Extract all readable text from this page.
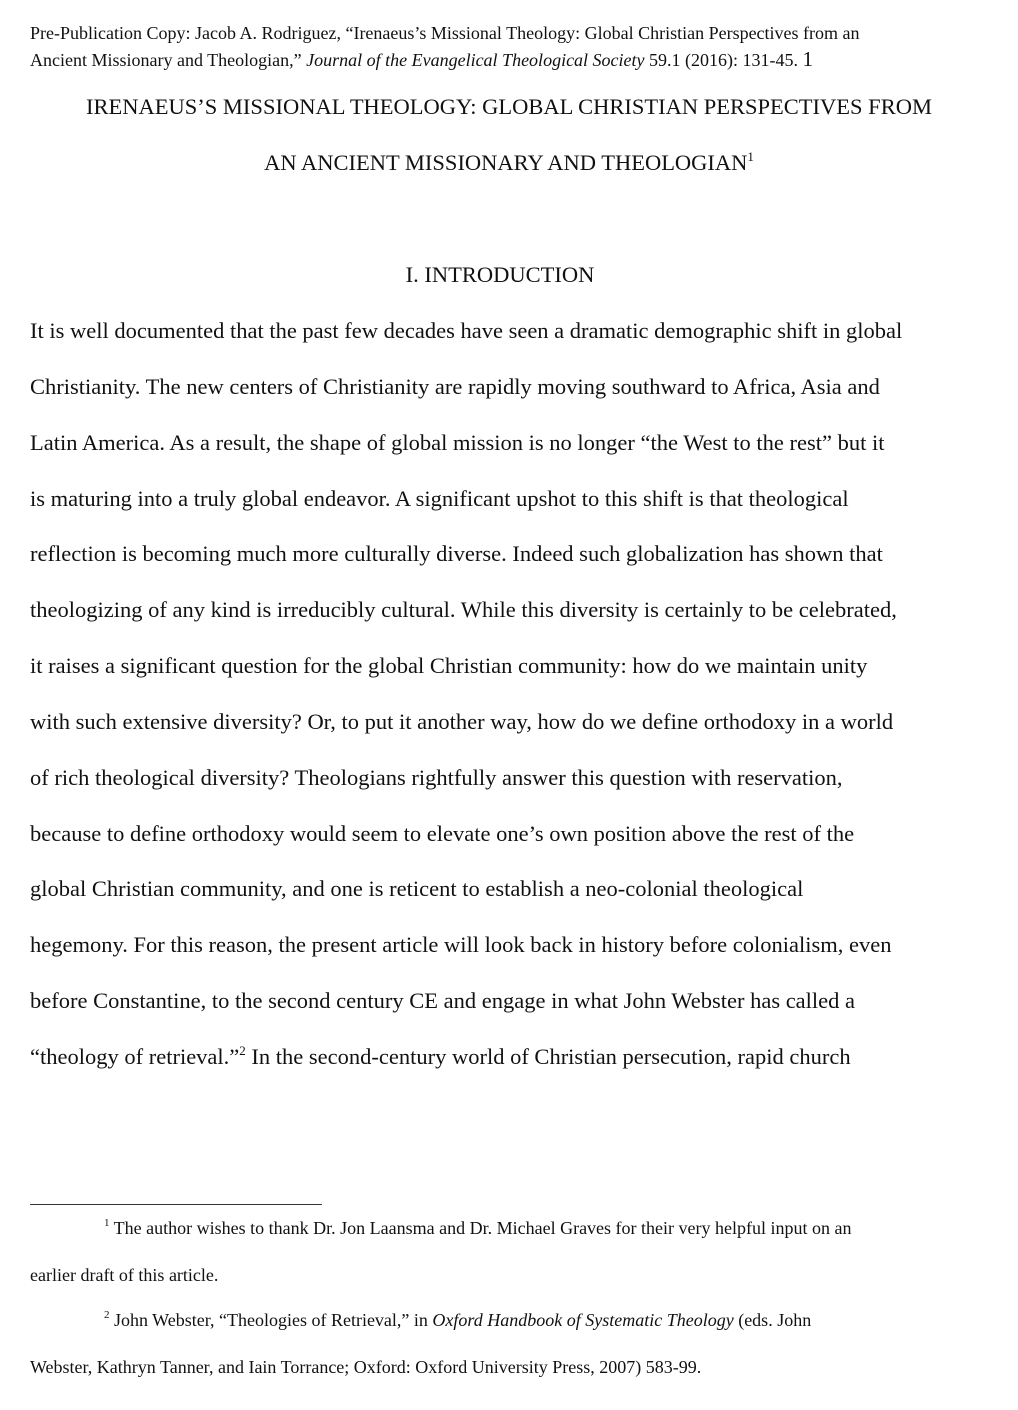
Pre-Publication Copy: Jacob A. Rodriguez, “Irenaeus’s Missional Theology: Global Christian Perspectives from an
Ancient Missionary and Theologian,” Journal of the Evangelical Theological Society 59.1 (2016): 131-45. 1
IRENAEUS’S MISSIONAL THEOLOGY: GLOBAL CHRISTIAN PERSPECTIVES FROM
AN ANCIENT MISSIONARY AND THEOLOGIAN$^1$
I. INTRODUCTION
It is well documented that the past few decades have seen a dramatic demographic shift in global
Christianity. The new centers of Christianity are rapidly moving southward to Africa, Asia and
Latin America. As a result, the shape of global mission is no longer “the West to the rest” but it
is maturing into a truly global endeavor. A significant upshot to this shift is that theological
reflection is becoming much more culturally diverse. Indeed such globalization has shown that
theologizing of any kind is irreducibly cultural. While this diversity is certainly to be celebrated,
it raises a significant question for the global Christian community: how do we maintain unity
with such extensive diversity? Or, to put it another way, how do we define orthodoxy in a world
of rich theological diversity? Theologians rightfully answer this question with reservation,
because to define orthodoxy would seem to elevate one’s own position above the rest of the
global Christian community, and one is reticent to establish a neo-colonial theological
hegemony. For this reason, the present article will look back in history before colonialism, even
before Constantine, to the second century CE and engage in what John Webster has called a
“theology of retrieval.”$^2$ In the second-century world of Christian persecution, rapid church
$^1$ The author wishes to thank Dr. Jon Laansma and Dr. Michael Graves for their very helpful input on an
earlier draft of this article.
$^2$ John Webster, “Theologies of Retrieval,” in Oxford Handbook of Systematic Theology (eds. John
Webster, Kathryn Tanner, and Iain Torrance; Oxford: Oxford University Press, 2007) 583-99.
